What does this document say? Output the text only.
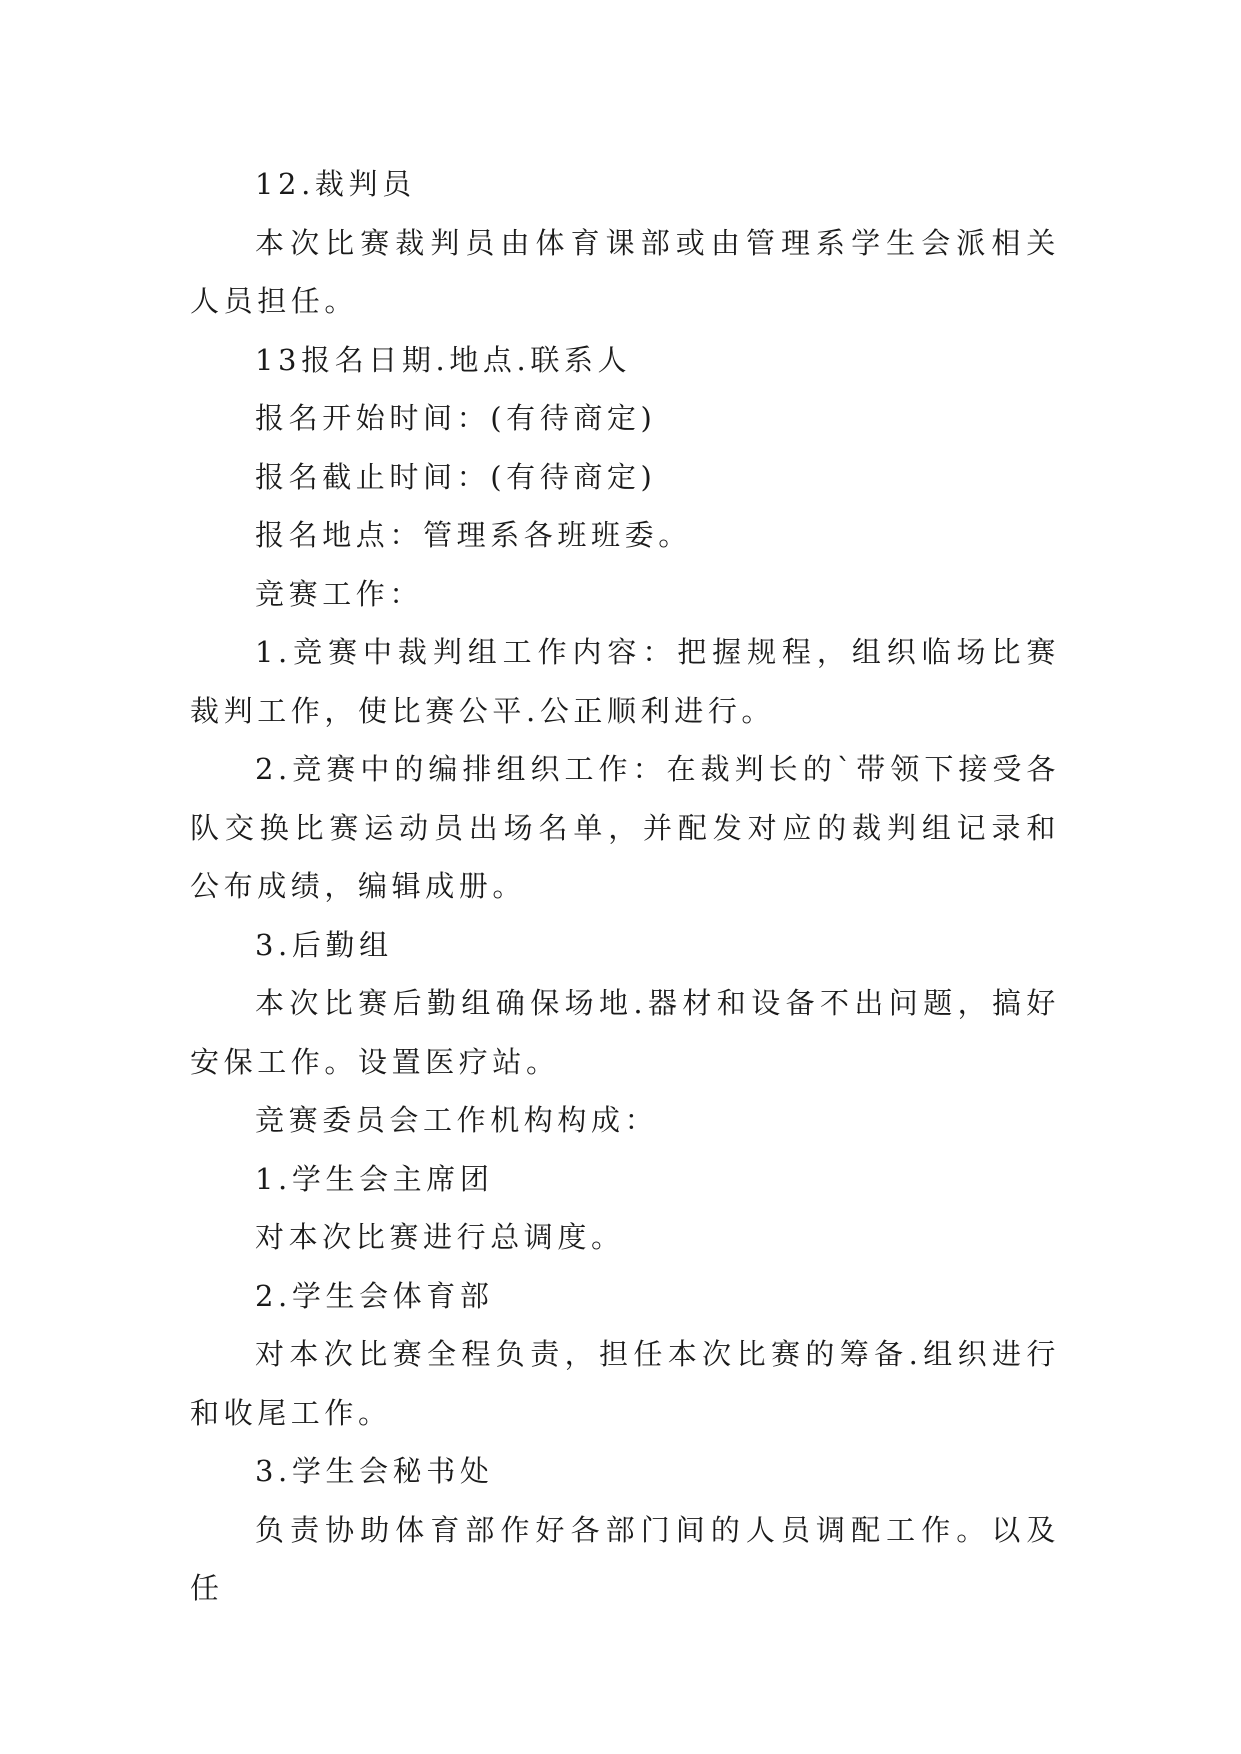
12.裁判员

本次比赛裁判员由体育课部或由管理系学生会派相关人员担任。

13报名日期.地点.联系人

报名开始时间：(有待商定)

报名截止时间：(有待商定)

报名地点：管理系各班班委。

竞赛工作：

1.竞赛中裁判组工作内容：把握规程，组织临场比赛裁判工作，使比赛公平.公正顺利进行。

2.竞赛中的编排组织工作：在裁判长的`带领下接受各队交换比赛运动员出场名单，并配发对应的裁判组记录和公布成绩，编辑成册。

3.后勤组

本次比赛后勤组确保场地.器材和设备不出问题，搞好安保工作。设置医疗站。

竞赛委员会工作机构构成：

1.学生会主席团

对本次比赛进行总调度。

2.学生会体育部

对本次比赛全程负责，担任本次比赛的筹备.组织进行和收尾工作。

3.学生会秘书处

负责协助体育部作好各部门间的人员调配工作。以及任
